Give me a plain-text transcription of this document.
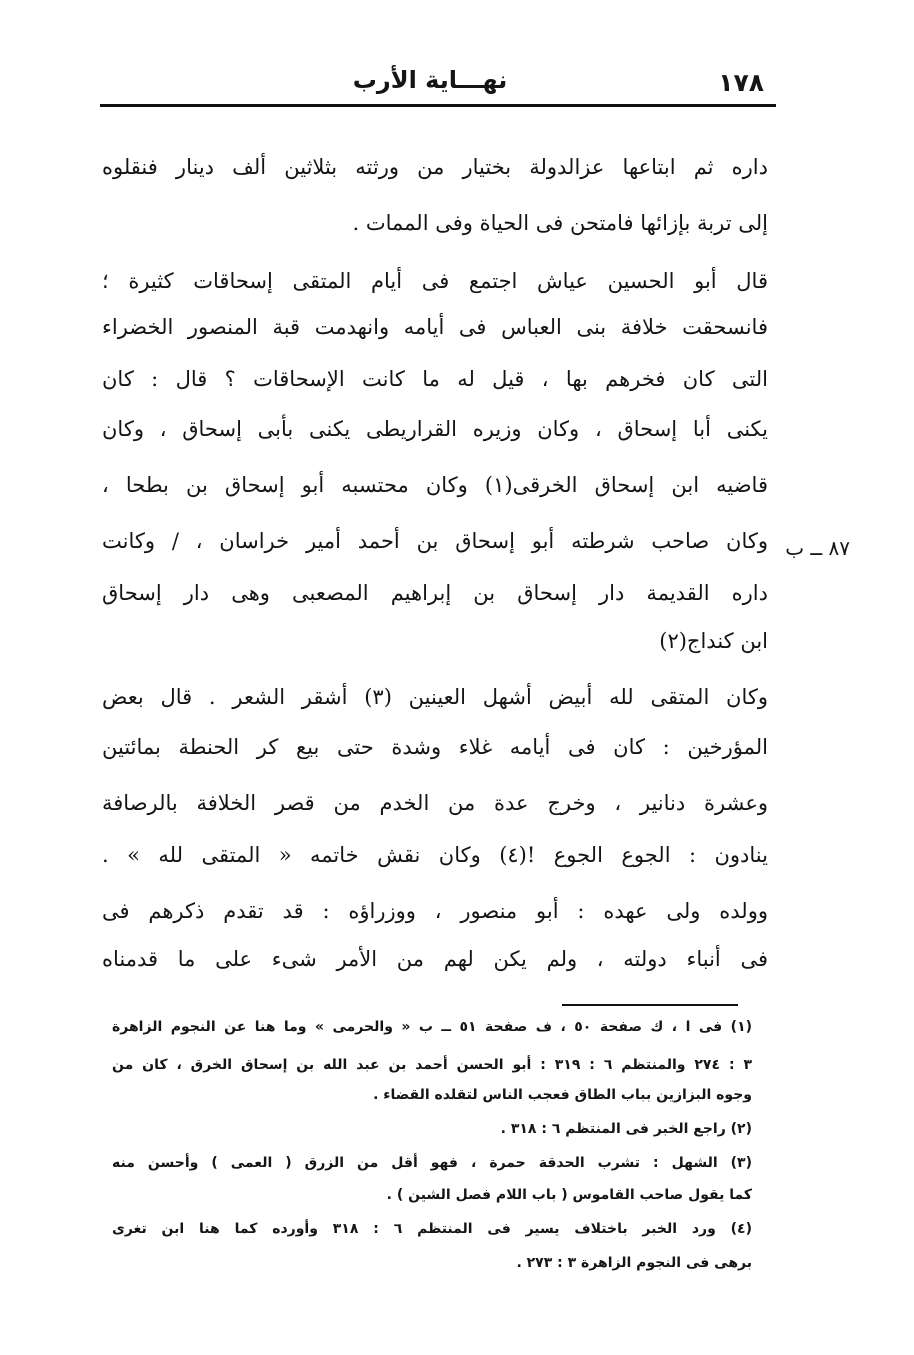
١٧٨
نهـــاية الأرب
داره ثم ابتاعها عزالدولة بختيار من ورثته بثلاثين ألف دينار فنقلوه
إلى تربة بإزائها فامتحن فى الحياة وفى الممات .
قال أبو الحسين عياش اجتمع فى أيام المتقى إسحاقات كثيرة ؛
فانسحقت خلافة بنى العباس فى أيامه وانهدمت قبة المنصور الخضراء
التى كان فخرهم بها ، قيل له ما كانت الإسحاقات ؟ قال : كان
يكنى أبا إسحاق ، وكان وزيره القراريطى يكنى بأبى إسحاق ، وكان
قاضيه ابن إسحاق الخرقى(١) وكان محتسبه أبو إسحاق بن بطحا ،
وكان صاحب شرطته أبو إسحاق بن أحمد أمير خراسان ، / وكانت
داره القديمة دار إسحاق بن إبراهيم المصعبى وهى دار إسحاق
ابن كنداج(٢)
وكان المتقى لله أبيض أشهل العينين (٣) أشقر الشعر . قال بعض
المؤرخين : كان فى أيامه غلاء وشدة حتى بيع كر الحنطة بمائتين
وعشرة دنانير ، وخرج عدة من الخدم من قصر الخلافة بالرصافة
ينادون : الجوع الجوع !(٤) وكان نقش خاتمه « المتقى لله » .
وولده ولى عهده : أبو منصور ، ووزراؤه : قد تقدم ذكرهم فى
فى أنباء دولته ، ولم يكن لهم من الأمر شىء على ما قدمناه
٨٧ ــ ب
(١) فى ا ، ك صفحة ٥٠ ، ف صفحة ٥١ ــ ب « والحرمى » وما هنا عن النجوم الزاهرة
٣ : ٢٧٤ والمنتظم ٦ : ٣١٩ : أبو الحسن أحمد بن عبد الله بن إسحاق الخرق ، كان من
وجوه البزازين بباب الطاق فعجب الناس لتقلده القضاء .
(٢) راجع الخبر فى المنتظم ٦ : ٣١٨ .
(٣) الشهل : تشرب الحدقة حمرة ، فهو أقل من الزرق ( العمى ) وأحسن منه
كما يقول صاحب القاموس ( باب اللام فصل الشين ) .
(٤) ورد الخبر باختلاف يسير فى المنتظم ٦ : ٣١٨ وأورده كما هنا ابن تغرى
برهى فى النجوم الزاهرة ٣ : ٢٧٣ .
